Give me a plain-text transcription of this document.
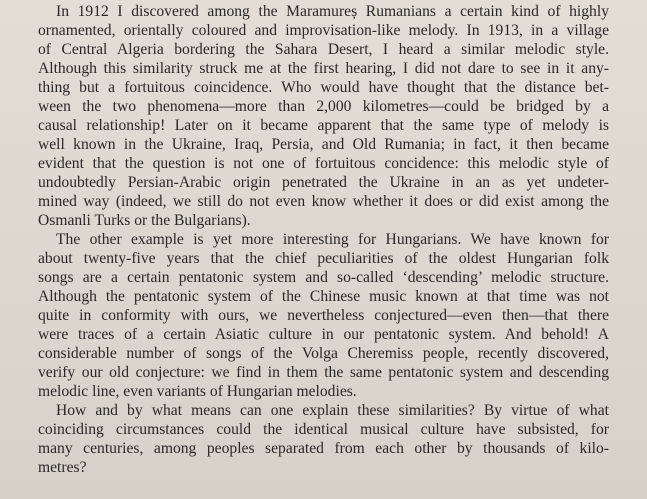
In 1912 I discovered among the Maramureș Rumanians a certain kind of highly
ornamented, orientally coloured and improvisation-like melody. In 1913, in a village
of Central Algeria bordering the Sahara Desert, I heard a similar melodic style.
Although this similarity struck me at the first hearing, I did not dare to see in it any-
thing but a fortuitous coincidence. Who would have thought that the distance bet-
ween the two phenomena—more than 2,000 kilometres—could be bridged by a
causal relationship! Later on it became apparent that the same type of melody is
well known in the Ukraine, Iraq, Persia, and Old Rumania; in fact, it then became
evident that the question is not one of fortuitous concidence: this melodic style of
undoubtedly Persian-Arabic origin penetrated the Ukraine in an as yet undeter-
mined way (indeed, we still do not even know whether it does or did exist among the
Osmanli Turks or the Bulgarians).
The other example is yet more interesting for Hungarians. We have known for
about twenty-five years that the chief peculiarities of the oldest Hungarian folk
songs are a certain pentatonic system and so-called ‘descending’ melodic structure.
Although the pentatonic system of the Chinese music known at that time was not
quite in conformity with ours, we nevertheless conjectured—even then—that there
were traces of a certain Asiatic culture in our pentatonic system. And behold! A
considerable number of songs of the Volga Cheremiss people, recently discovered,
verify our old conjecture: we find in them the same pentatonic system and descending
melodic line, even variants of Hungarian melodies.
How and by what means can one explain these similarities? By virtue of what
coinciding circumstances could the identical musical culture have subsisted, for
many centuries, among peoples separated from each other by thousands of kilo-
metres?
